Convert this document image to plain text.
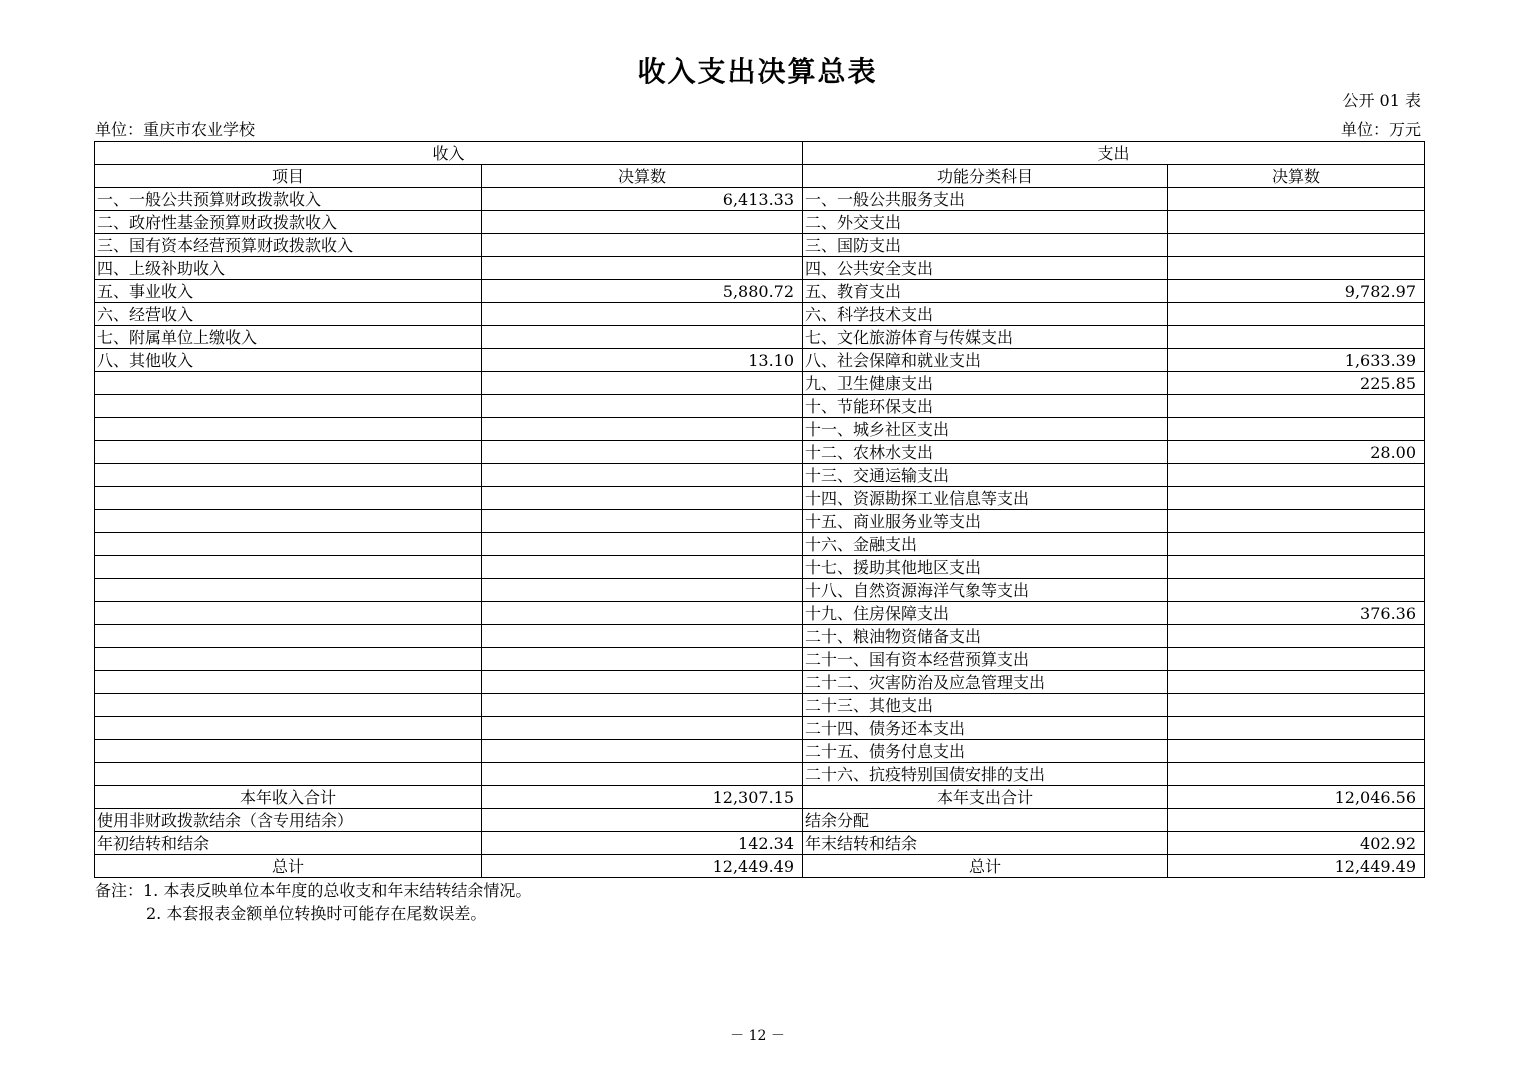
收入支出决算总表
公开 01 表
单位：重庆市农业学校	单位：万元
收入		支出	
项目	决算数	功能分类科目	决算数
一、一般公共预算财政拨款收入	6,413.33	一、一般公共服务支出	
二、政府性基金预算财政拨款收入		二、外交支出	
三、国有资本经营预算财政拨款收入		三、国防支出	
四、上级补助收入		四、公共安全支出	
五、事业收入	5,880.72	五、教育支出	9,782.97
六、经营收入		六、科学技术支出	
七、附属单位上缴收入		七、文化旅游体育与传媒支出	
八、其他收入	13.10	八、社会保障和就业支出	1,633.39
		九、卫生健康支出	225.85
		十、节能环保支出	
		十一、城乡社区支出	
		十二、农林水支出	28.00
		十三、交通运输支出	
		十四、资源勘探工业信息等支出	
		十五、商业服务业等支出	
		十六、金融支出	
		十七、援助其他地区支出	
		十八、自然资源海洋气象等支出	
		十九、住房保障支出	376.36
		二十、粮油物资储备支出	
		二十一、国有资本经营预算支出	
		二十二、灾害防治及应急管理支出	
		二十三、其他支出	
		二十四、债务还本支出	
		二十五、债务付息支出	
		二十六、抗疫特别国债安排的支出	
本年收入合计	12,307.15	本年支出合计	12,046.56
使用非财政拨款结余（含专用结余）		结余分配	
年初结转和结余	142.34	年末结转和结余	402.92
总计	12,449.49	总计	12,449.49
备注：1. 本表反映单位本年度的总收支和年末结转结余情况。
2. 本套报表金额单位转换时可能存在尾数误差。
－ 12 －
